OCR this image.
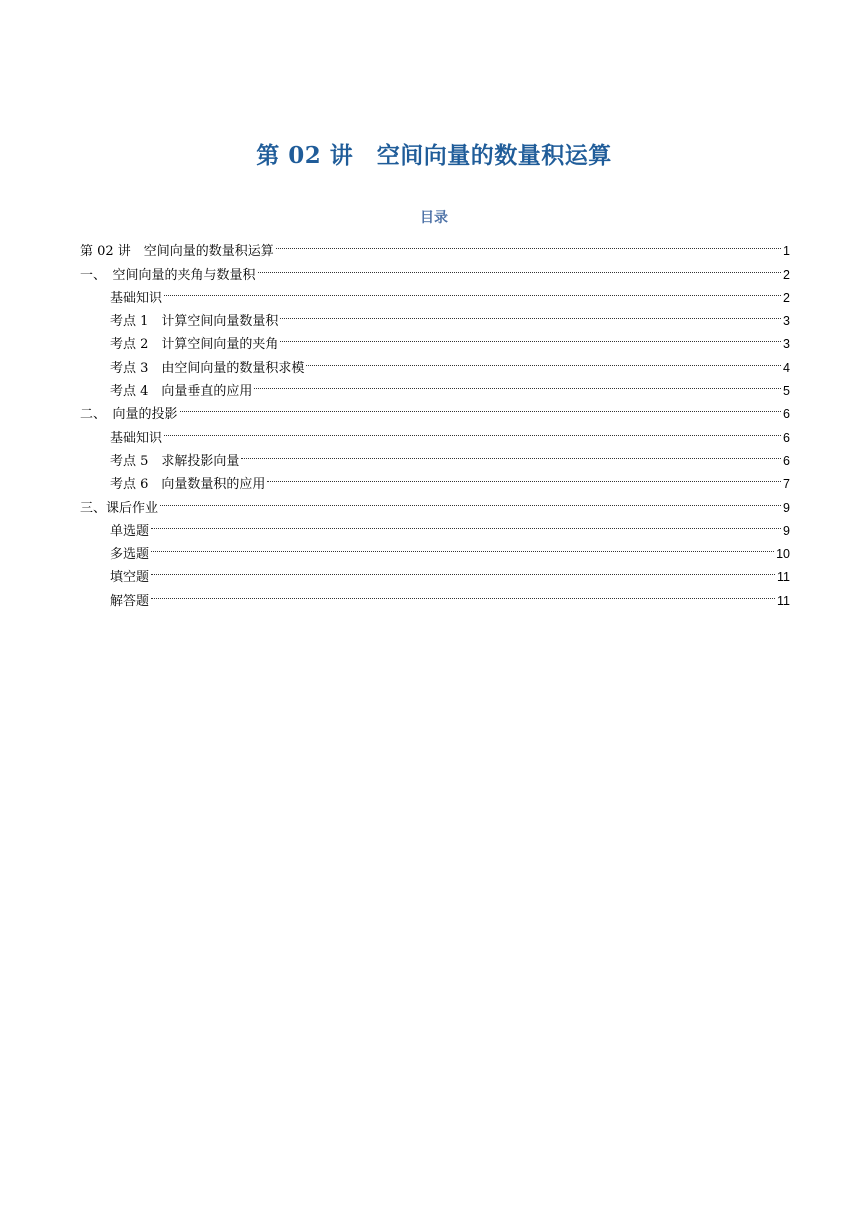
第 02 讲　空间向量的数量积运算
目录
第 02 讲　空间向量的数量积运算	1
一、　空间向量的夹角与数量积	2
基础知识	2
考点 1　计算空间向量数量积	3
考点 2　计算空间向量的夹角	3
考点 3　由空间向量的数量积求模	4
考点 4　向量垂直的应用	5
二、　向量的投影	6
基础知识	6
考点 5　求解投影向量	6
考点 6　向量数量积的应用	7
三、课后作业	9
单选题	9
多选题	10
填空题	11
解答题	11
